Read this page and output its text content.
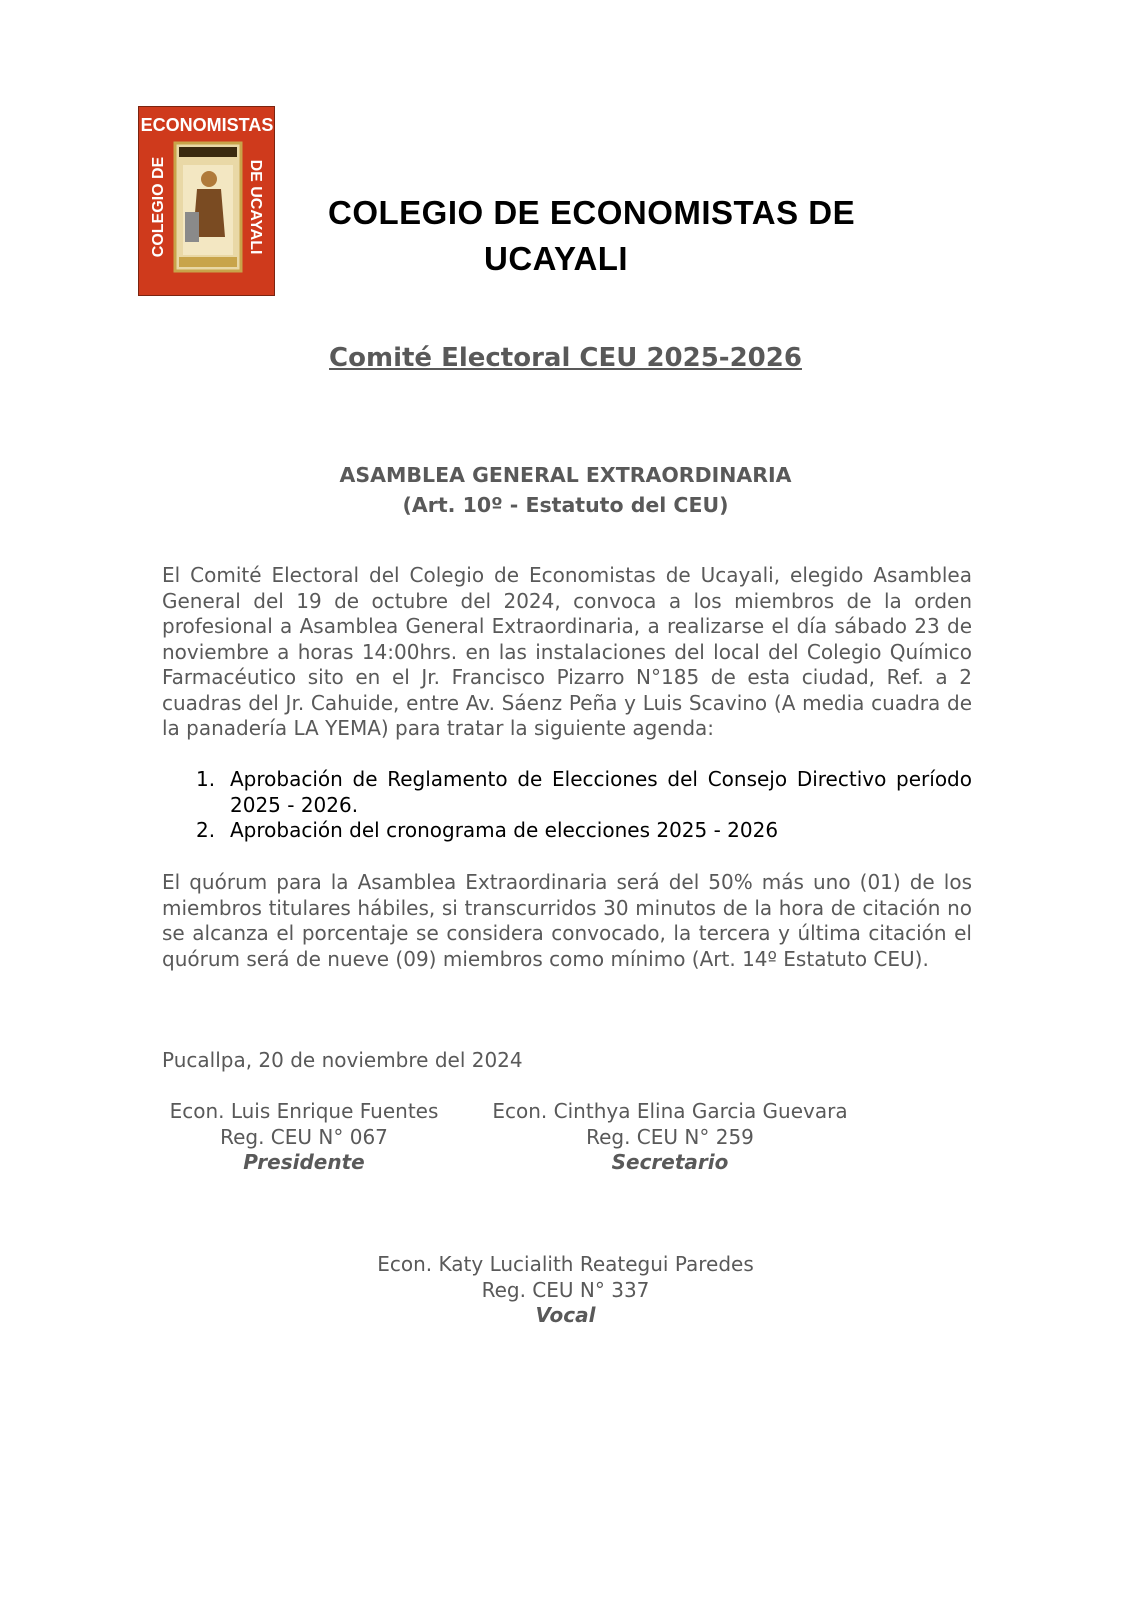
ECONOMISTAS
COLEGIO DE	DE UCAYALI	COLEGIO DE ECONOMISTAS DE
UCAYALI
Comité Electoral CEU 2025-2026
ASAMBLEA GENERAL EXTRAORDINARIA
(Art. 10º - Estatuto del CEU)
El Comité Electoral del Colegio de Economistas de Ucayali, elegido Asamblea General del 19 de octubre del 2024, convoca a los miembros de la orden profesional a Asamblea General Extraordinaria, a realizarse el día sábado 23 de noviembre a horas 14:00hrs. en las instalaciones del local del Colegio Químico Farmacéutico sito en el Jr. Francisco Pizarro N°185 de esta ciudad, Ref. a 2 cuadras del Jr. Cahuide, entre Av. Sáenz Peña y Luis Scavino (A media cuadra de la panadería LA YEMA) para tratar la siguiente agenda:
1. Aprobación de Reglamento de Elecciones del Consejo Directivo período 2025 - 2026.
2. Aprobación del cronograma de elecciones 2025 - 2026
El quórum para la Asamblea Extraordinaria será del 50% más uno (01) de los miembros titulares hábiles, si transcurridos 30 minutos de la hora de citación no se alcanza el porcentaje se considera convocado, la tercera y última citación el quórum será de nueve (09) miembros como mínimo (Art. 14º Estatuto CEU).
Pucallpa, 20 de noviembre del 2024
Econ. Luis Enrique Fuentes
Reg. CEU N° 067
Presidente
Econ. Cinthya Elina Garcia Guevara
Reg. CEU N° 259
Secretario
Econ. Katy Lucialith Reategui Paredes
Reg. CEU N° 337
Vocal
